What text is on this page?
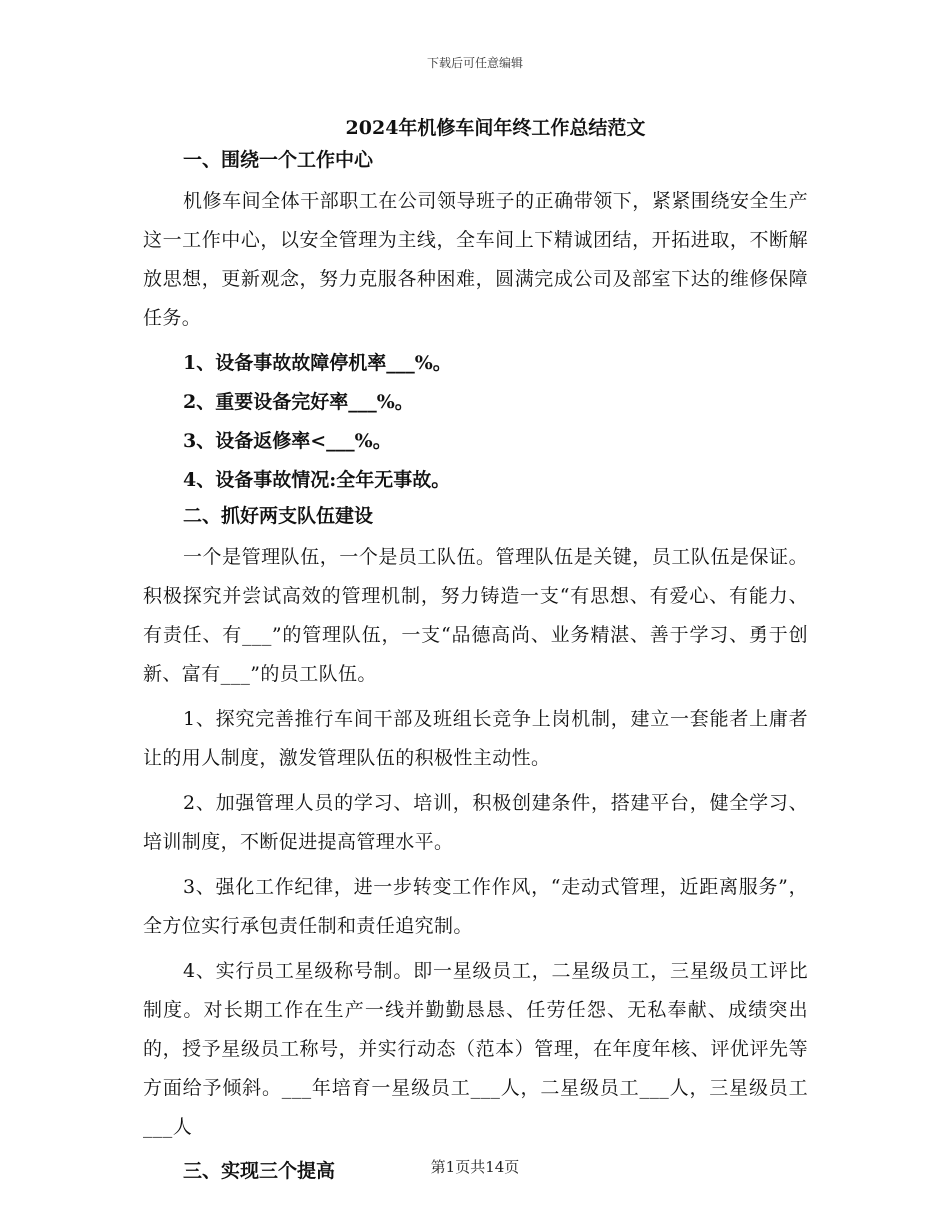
下载后可任意编辑

2024年机修车间年终工作总结范文

一、围绕一个工作中心

机修车间全体干部职工在公司领导班子的正确带领下，紧紧围绕安全生产这一工作中心，以安全管理为主线，全车间上下精诚团结，开拓进取，不断解放思想，更新观念，努力克服各种困难，圆满完成公司及部室下达的维修保障任务。

1、设备事故故障停机率___%。

2、重要设备完好率___%。

3、设备返修率<___%。

4、设备事故情况:全年无事故。

二、抓好两支队伍建设

一个是管理队伍，一个是员工队伍。管理队伍是关键，员工队伍是保证。积极探究并尝试高效的管理机制，努力铸造一支“有思想、有爱心、有能力、有责任、有___”的管理队伍，一支“品德高尚、业务精湛、善于学习、勇于创新、富有___”的员工队伍。

1、探究完善推行车间干部及班组长竞争上岗机制，建立一套能者上庸者让的用人制度，激发管理队伍的积极性主动性。

2、加强管理人员的学习、培训，积极创建条件，搭建平台，健全学习、培训制度，不断促进提高管理水平。

3、强化工作纪律，进一步转变工作作风，“走动式管理，近距离服务”，全方位实行承包责任制和责任追究制。

4、实行员工星级称号制。即一星级员工，二星级员工，三星级员工评比制度。对长期工作在生产一线并勤勤恳恳、任劳任怨、无私奉献、成绩突出的，授予星级员工称号，并实行动态（范本）管理，在年度年核、评优评先等方面给予倾斜。___年培育一星级员工___人，二星级员工___人，三星级员工___人

三、实现三个提高	第1页共14页
